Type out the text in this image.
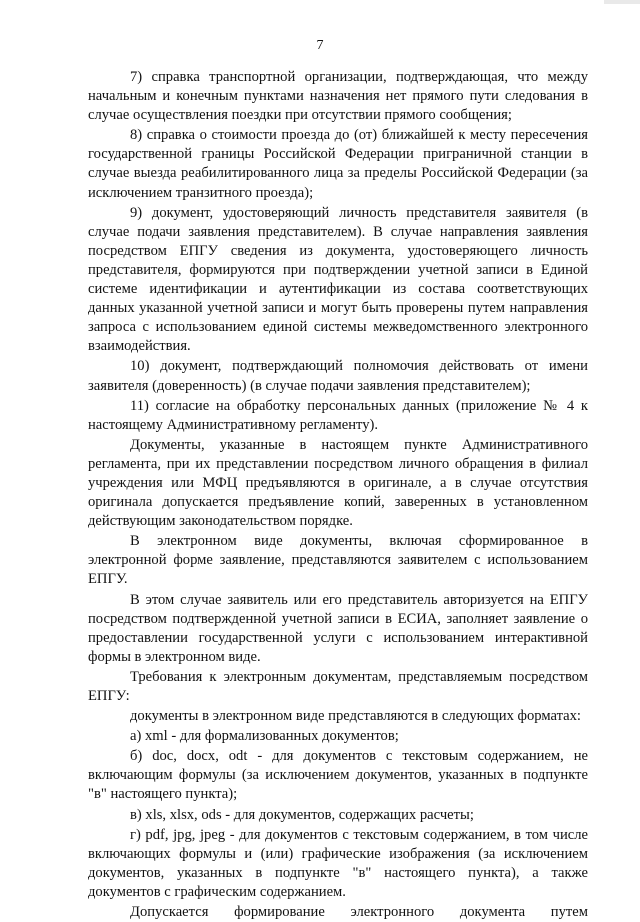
7

7) справка транспортной организации, подтверждающая, что между начальным и конечным пунктами назначения нет прямого пути следования в случае осуществления поездки при отсутствии прямого сообщения;

8) справка о стоимости проезда до (от) ближайшей к месту пересечения государственной границы Российской Федерации приграничной станции в случае выезда реабилитированного лица за пределы Российской Федерации (за исключением транзитного проезда);

9) документ, удостоверяющий личность представителя заявителя (в случае подачи заявления представителем). В случае направления заявления посредством ЕПГУ сведения из документа, удостоверяющего личность представителя, формируются при подтверждении учетной записи в Единой системе идентификации и аутентификации из состава соответствующих данных указанной учетной записи и могут быть проверены путем направления запроса с использованием единой системы межведомственного электронного взаимодействия.

10) документ, подтверждающий полномочия действовать от имени заявителя (доверенность) (в случае подачи заявления представителем);

11) согласие на обработку персональных данных (приложение № 4 к настоящему Административному регламенту).

Документы, указанные в настоящем пункте Административного регламента, при их представлении посредством личного обращения в филиал учреждения или МФЦ предъявляются в оригинале, а в случае отсутствия оригинала допускается предъявление копий, заверенных в установленном действующим законодательством порядке.

В электронном виде документы, включая сформированное в электронной форме заявление, представляются заявителем с использованием ЕПГУ.

В этом случае заявитель или его представитель авторизуется на ЕПГУ посредством подтвержденной учетной записи в ЕСИА, заполняет заявление о предоставлении государственной услуги с использованием интерактивной формы в электронном виде.

Требования к электронным документам, представляемым посредством ЕПГУ:

документы в электронном виде представляются в следующих форматах:

а) xml - для формализованных документов;

б) doc, docx, odt - для документов с текстовым содержанием, не включающим формулы (за исключением документов, указанных в подпункте "в" настоящего пункта);

в) xls, xlsx, ods - для документов, содержащих расчеты;

г) pdf, jpg, jpeg - для документов с текстовым содержанием, в том числе включающих формулы и (или) графические изображения (за исключением документов, указанных в подпункте "в" настоящего пункта), а также документов с графическим содержанием.

Допускается формирование электронного документа путем
